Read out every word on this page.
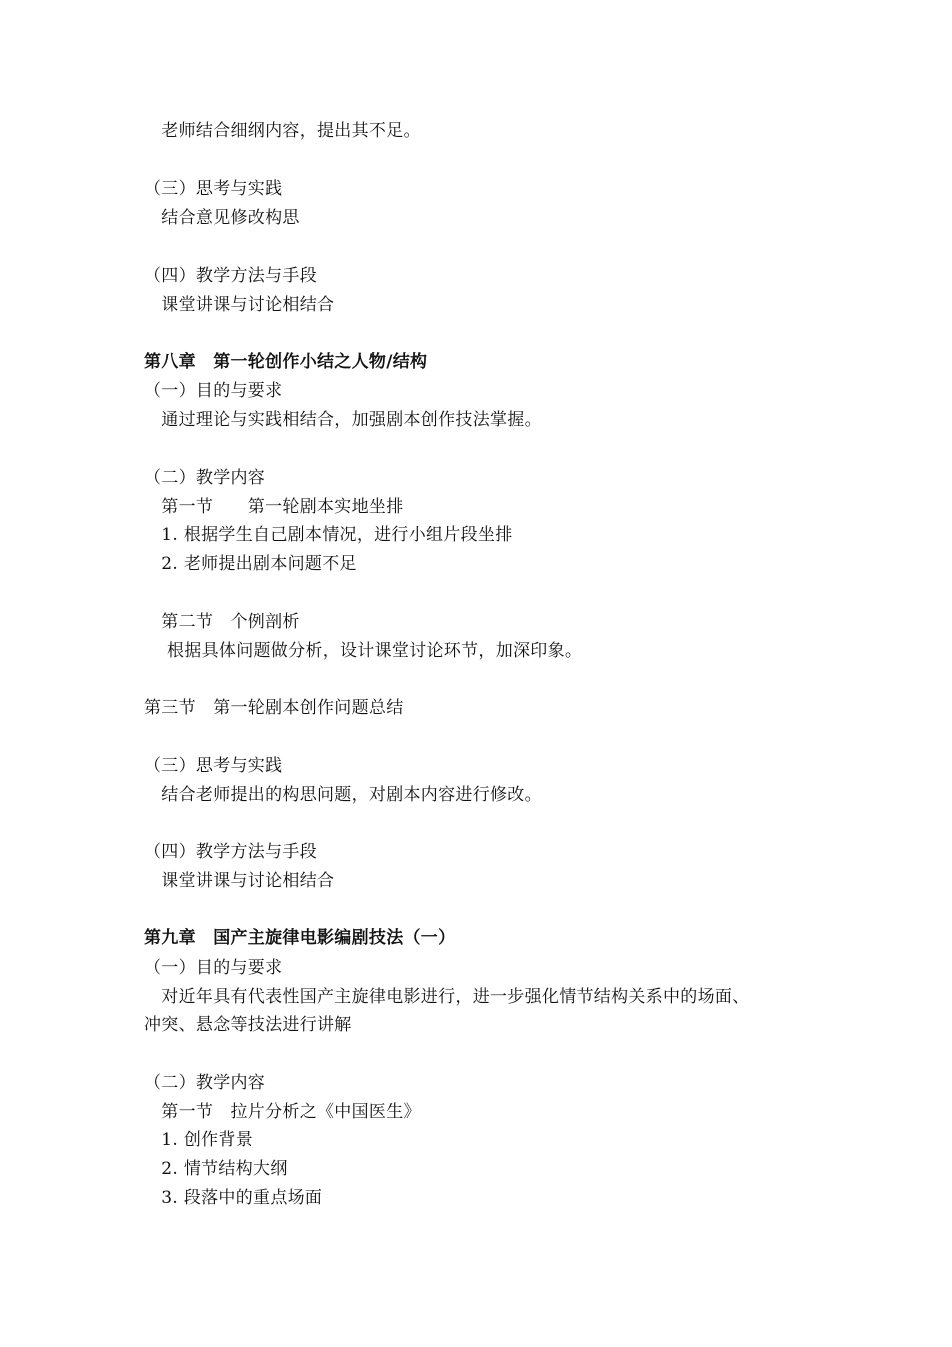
　老师结合细纲内容，提出其不足。
（三）思考与实践
　结合意见修改构思
（四）教学方法与手段
　课堂讲课与讨论相结合
第八章　第一轮创作小结之人物/结构
（一）目的与要求
　通过理论与实践相结合，加强剧本创作技法掌握。
（二）教学内容
　第一节　　第一轮剧本实地坐排
　1. 根据学生自己剧本情况，进行小组片段坐排
　2. 老师提出剧本问题不足
　第二节　个例剖析
　 根据具体问题做分析，设计课堂讨论环节，加深印象。
第三节　第一轮剧本创作问题总结
（三）思考与实践
　结合老师提出的构思问题，对剧本内容进行修改。
（四）教学方法与手段
　课堂讲课与讨论相结合
第九章　国产主旋律电影编剧技法（一）
（一）目的与要求
　对近年具有代表性国产主旋律电影进行，进一步强化情节结构关系中的场面、
冲突、悬念等技法进行讲解
（二）教学内容
　第一节　拉片分析之《中国医生》
　1. 创作背景
　2. 情节结构大纲
　3. 段落中的重点场面
